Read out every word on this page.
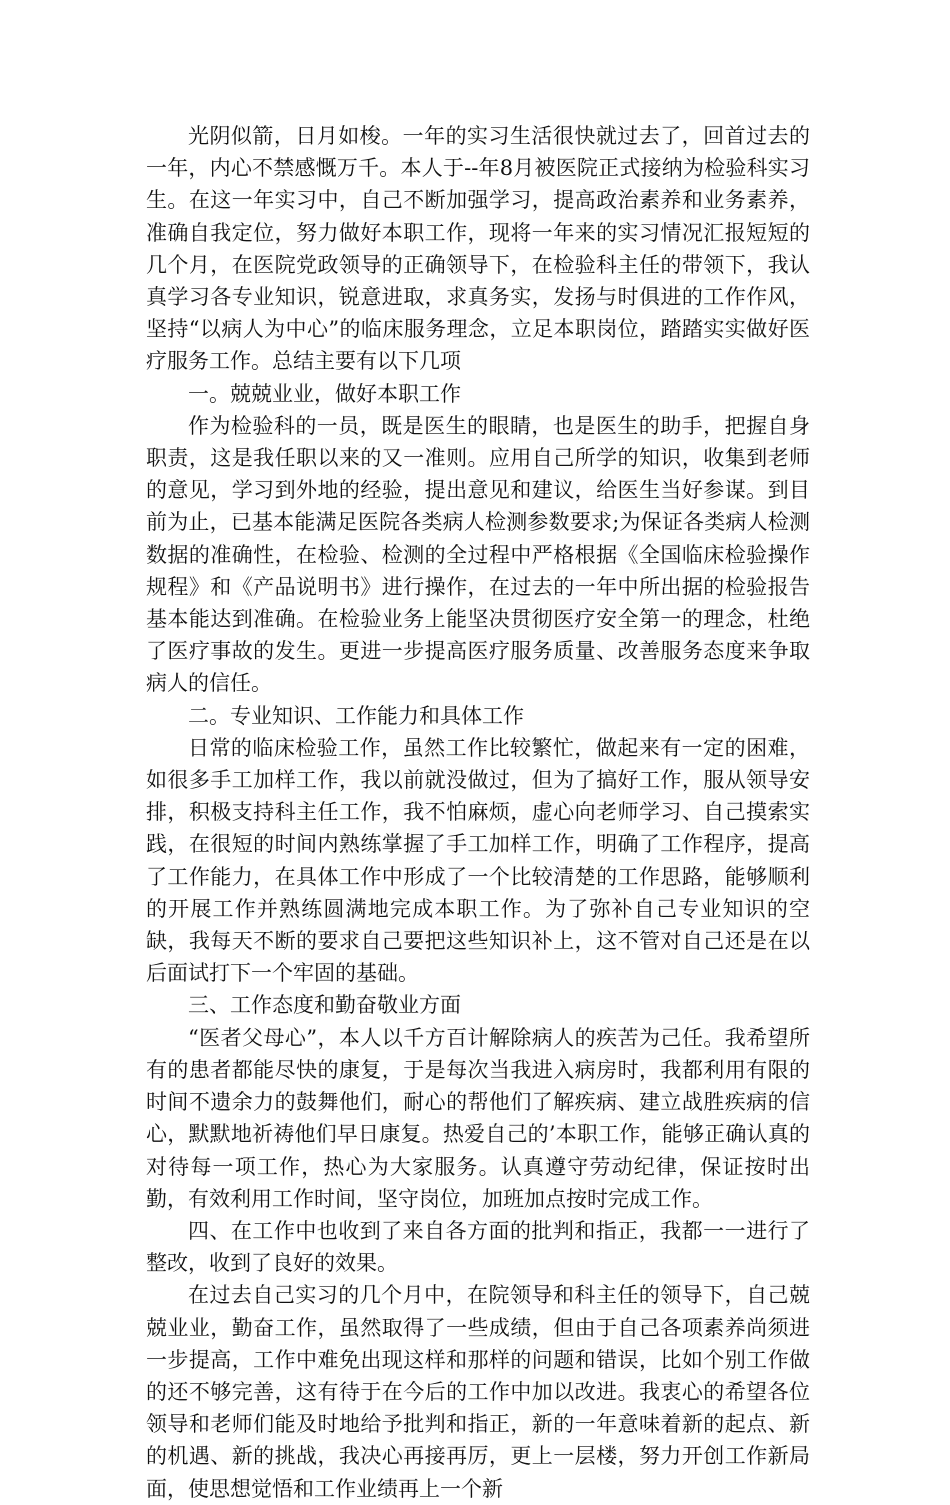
光阴似箭，日月如梭。一年的实习生活很快就过去了，回首过去的一年，内心不禁感慨万千。本人于--年8月被医院正式接纳为检验科实习生。在这一年实习中，自己不断加强学习，提高政治素养和业务素养，准确自我定位，努力做好本职工作，现将一年来的实习情况汇报短短的几个月，在医院党政领导的正确领导下，在检验科主任的带领下，我认真学习各专业知识，锐意进取，求真务实，发扬与时俱进的工作作风，坚持“以病人为中心”的临床服务理念，立足本职岗位，踏踏实实做好医疗服务工作。总结主要有以下几项

一。兢兢业业，做好本职工作

作为检验科的一员，既是医生的眼睛，也是医生的助手，把握自身职责，这是我任职以来的又一准则。应用自己所学的知识，收集到老师的意见，学习到外地的经验，提出意见和建议，给医生当好参谋。到目前为止，已基本能满足医院各类病人检测参数要求;为保证各类病人检测数据的准确性，在检验、检测的全过程中严格根据《全国临床检验操作规程》和《产品说明书》进行操作，在过去的一年中所出据的检验报告基本能达到准确。在检验业务上能坚决贯彻医疗安全第一的理念，杜绝了医疗事故的发生。更进一步提高医疗服务质量、改善服务态度来争取病人的信任。

二。专业知识、工作能力和具体工作

日常的临床检验工作，虽然工作比较繁忙，做起来有一定的困难，如很多手工加样工作，我以前就没做过，但为了搞好工作，服从领导安排，积极支持科主任工作，我不怕麻烦，虚心向老师学习、自己摸索实践，在很短的时间内熟练掌握了手工加样工作，明确了工作程序，提高了工作能力，在具体工作中形成了一个比较清楚的工作思路，能够顺利的开展工作并熟练圆满地完成本职工作。为了弥补自己专业知识的空缺，我每天不断的要求自己要把这些知识补上，这不管对自己还是在以后面试打下一个牢固的基础。

三、工作态度和勤奋敬业方面

“医者父母心”，本人以千方百计解除病人的疾苦为己任。我希望所有的患者都能尽快的康复，于是每次当我进入病房时，我都利用有限的时间不遗余力的鼓舞他们，耐心的帮他们了解疾病、建立战胜疾病的信心，默默地祈祷他们早日康复。热爱自己的’本职工作，能够正确认真的对待每一项工作，热心为大家服务。认真遵守劳动纪律，保证按时出勤，有效利用工作时间，坚守岗位，加班加点按时完成工作。

四、在工作中也收到了来自各方面的批判和指正，我都一一进行了整改，收到了良好的效果。

在过去自己实习的几个月中，在院领导和科主任的领导下，自己兢兢业业，勤奋工作，虽然取得了一些成绩，但由于自己各项素养尚须进一步提高，工作中难免出现这样和那样的问题和错误，比如个别工作做的还不够完善，这有待于在今后的工作中加以改进。我衷心的希望各位领导和老师们能及时地给予批判和指正，新的一年意味着新的起点、新的机遇、新的挑战，我决心再接再厉，更上一层楼，努力开创工作新局面，使思想觉悟和工作业绩再上一个新
